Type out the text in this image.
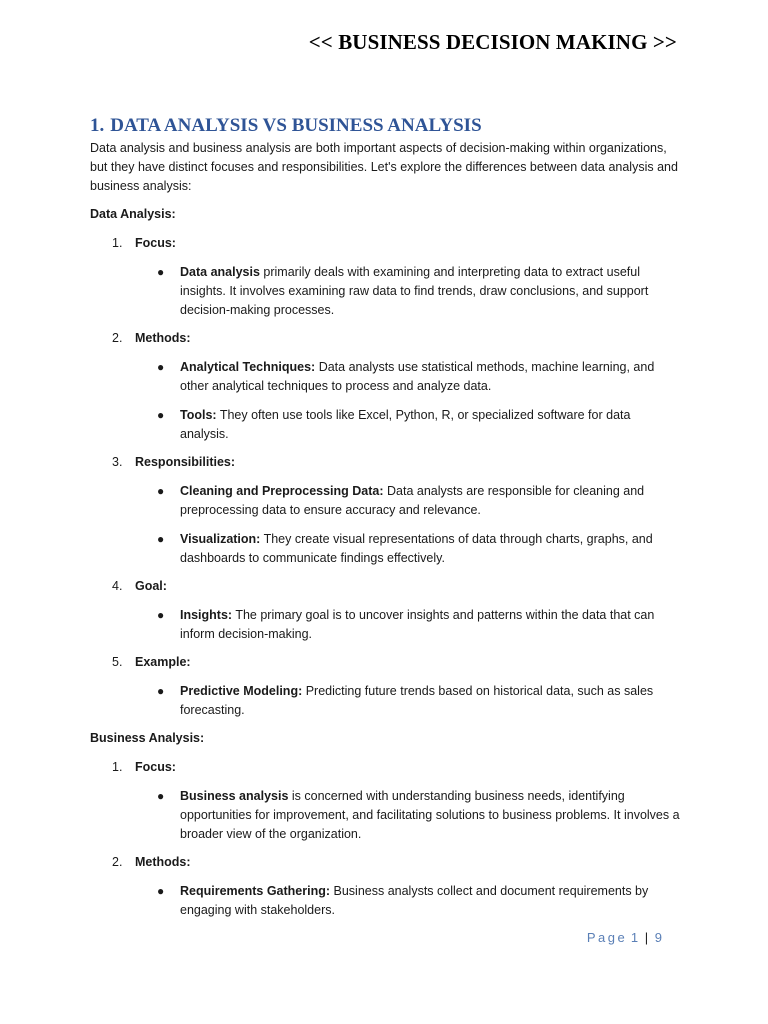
<< BUSINESS DECISION MAKING >>
1. DATA ANALYSIS VS BUSINESS ANALYSIS

Data analysis and business analysis are both important aspects of decision-making within organizations, but they have distinct focuses and responsibilities. Let's explore the differences between data analysis and business analysis:

Data Analysis:

1. Focus:
● Data analysis primarily deals with examining and interpreting data to extract useful insights. It involves examining raw data to find trends, draw conclusions, and support decision-making processes.
2. Methods:
● Analytical Techniques: Data analysts use statistical methods, machine learning, and other analytical techniques to process and analyze data.
● Tools: They often use tools like Excel, Python, R, or specialized software for data analysis.
3. Responsibilities:
● Cleaning and Preprocessing Data: Data analysts are responsible for cleaning and preprocessing data to ensure accuracy and relevance.
● Visualization: They create visual representations of data through charts, graphs, and dashboards to communicate findings effectively.
4. Goal:
● Insights: The primary goal is to uncover insights and patterns within the data that can inform decision-making.
5. Example:
● Predictive Modeling: Predicting future trends based on historical data, such as sales forecasting.

Business Analysis:

1. Focus:
● Business analysis is concerned with understanding business needs, identifying opportunities for improvement, and facilitating solutions to business problems. It involves a broader view of the organization.
2. Methods:
● Requirements Gathering: Business analysts collect and document requirements by engaging with stakeholders.
Page 1 | 9
